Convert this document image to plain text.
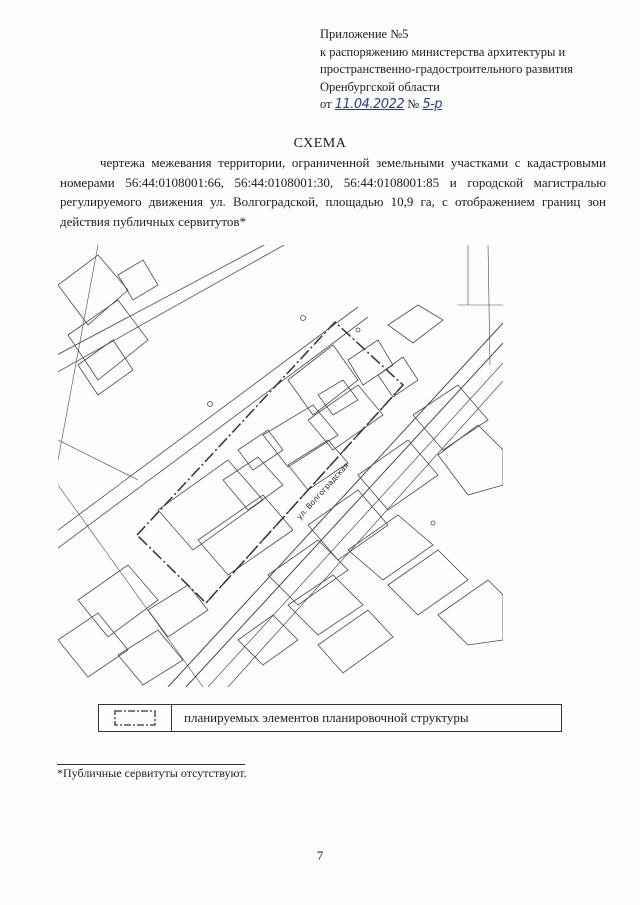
Приложение №5
к распоряжению министерства архитектуры и
пространственно-градостроительного развития
Оренбургской области
от 11.04.2022 № 5-р
СХЕМА
чертежа межевания территории, ограниченной земельными участками с кадастровыми номерами 56:44:0108001:66, 56:44:0108001:30, 56:44:0108001:85 и городской магистралью регулируемого движения ул. Волгоградской, площадью 10,9 га, с отображением границ зон действия публичных сервитутов*
ул. Волгоградская
планируемых элементов планировочной структуры
*Публичные сервитуты отсутствуют.
7
